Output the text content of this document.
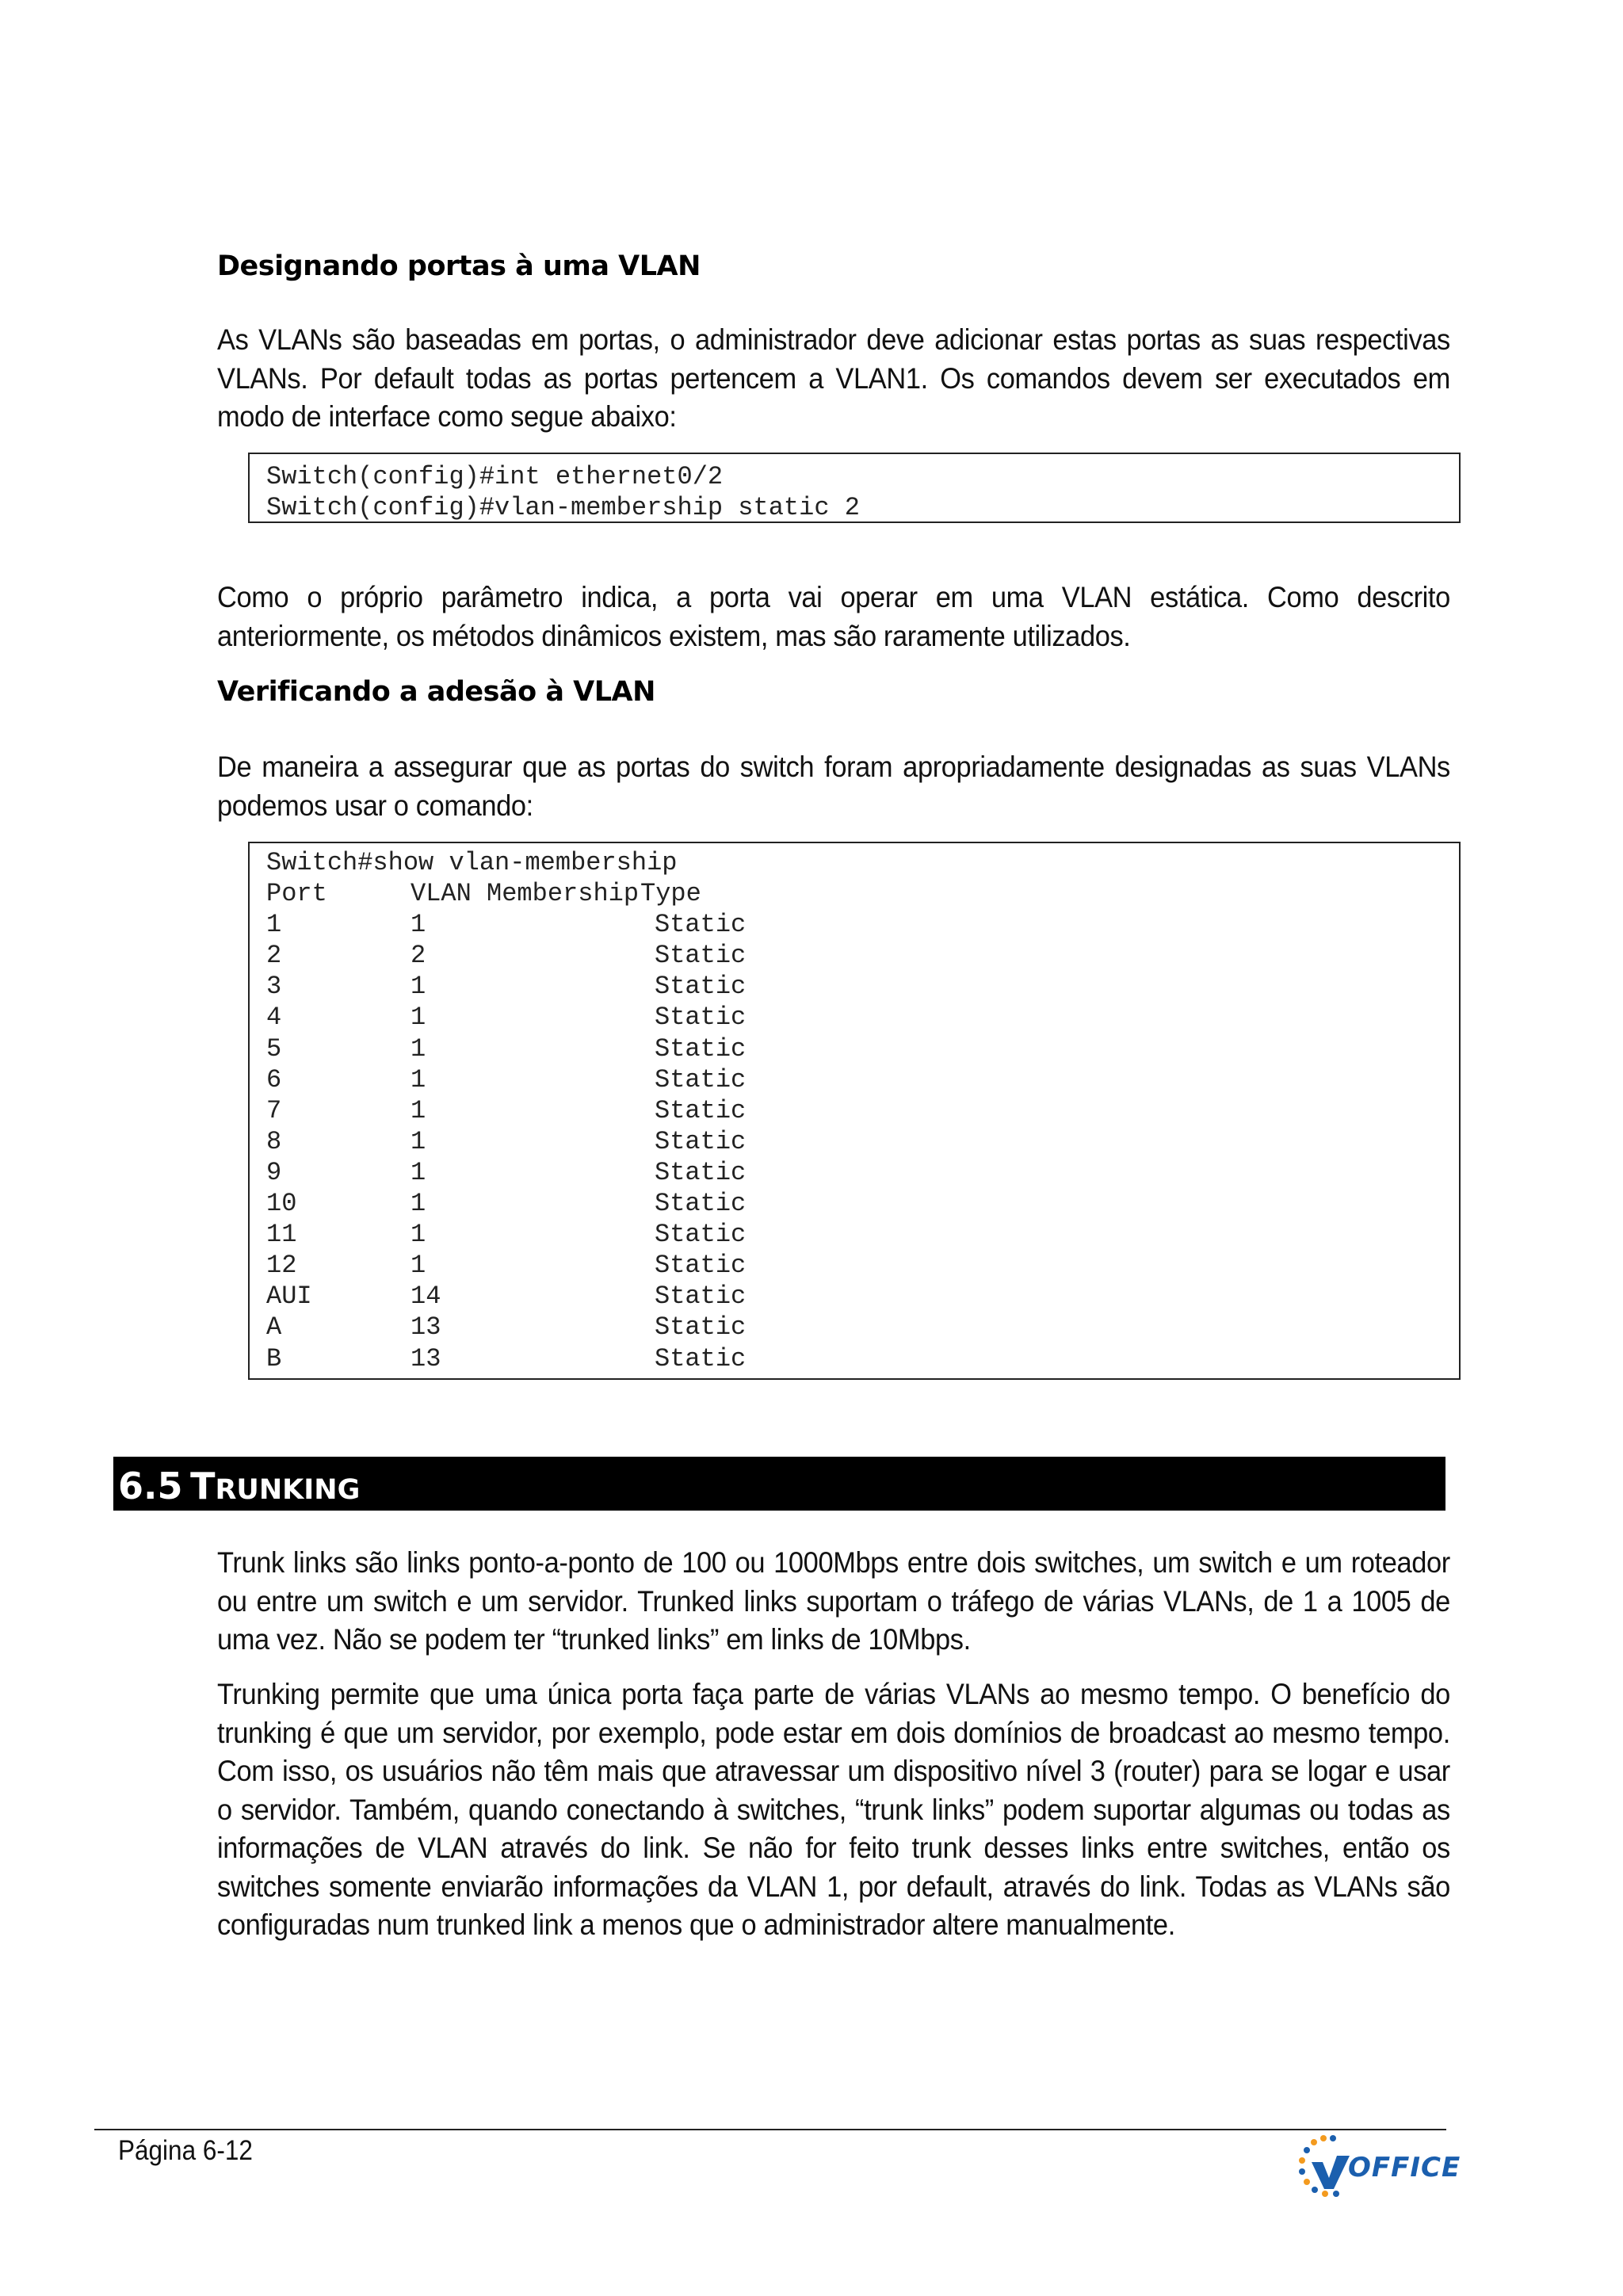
Designando portas à uma VLAN
As VLANs são baseadas em portas, o administrador deve adicionar estas portas as suas respectivas VLANs. Por default todas as portas pertencem a VLAN1. Os comandos devem ser executados em modo de interface como segue abaixo:
Switch(config)#int ethernet0/2
Switch(config)#vlan-membership static 2
Como o próprio parâmetro indica, a porta vai operar em uma VLAN estática. Como descrito anteriormente, os métodos dinâmicos existem, mas são raramente utilizados.
Verificando a adesão à VLAN
De maneira a assegurar que as portas do switch foram apropriadamente designadas as suas VLANs podemos usar o comando:
Switch#show vlan-membership
Port	VLAN Membership Type
1	1	Static
2	2	Static
3	1	Static
4	1	Static
5	1	Static
6	1	Static
7	1	Static
8	1	Static
9	1	Static
10	1	Static
11	1	Static
12	1	Static
AUI	14	Static
A	13	Static
B	13	Static
6.5 TRUNKING
Trunk links são links ponto-a-ponto de 100 ou 1000Mbps entre dois switches, um switch e um roteador ou entre um switch e um servidor. Trunked links suportam o tráfego de várias VLANs, de 1 a 1005 de uma vez. Não se podem ter “trunked links” em links de 10Mbps.
Trunking permite que uma única porta faça parte de várias VLANs ao mesmo tempo. O benefício do trunking é que um servidor, por exemplo, pode estar em dois domínios de broadcast ao mesmo tempo. Com isso, os usuários não têm mais que atravessar um dispositivo nível 3 (router) para se logar e usar o servidor. Também, quando conectando à switches, “trunk links” podem suportar algumas ou todas as informações de VLAN através do link. Se não for feito trunk desses links entre switches, então os switches somente enviarão informações da VLAN 1, por default, através do link. Todas as VLANs são configuradas num trunked link a menos que o administrador altere manualmente.
Página 6-12
OFFICE
